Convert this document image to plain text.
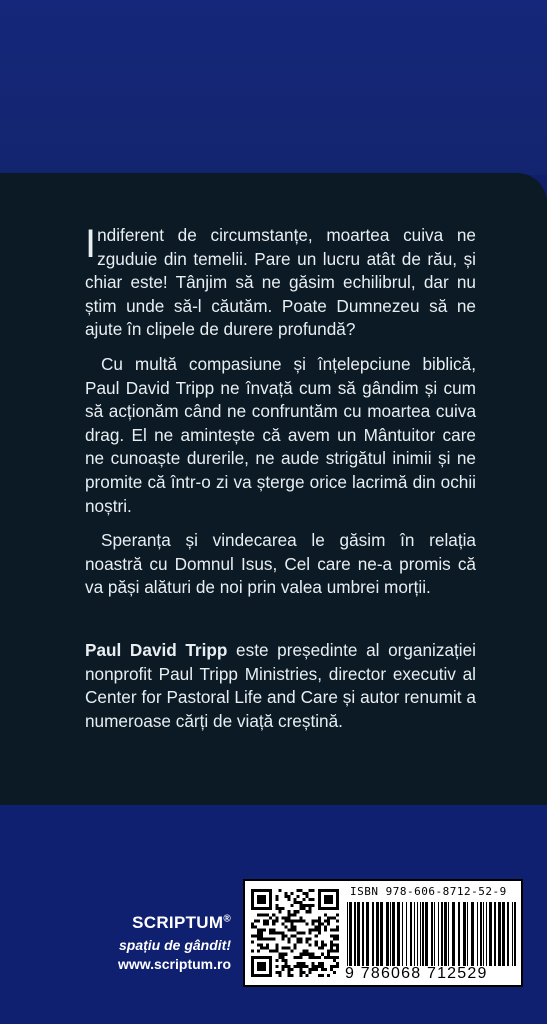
Indiferent de circumstanțe, moartea cuiva ne zguduie din temelii. Pare un lucru atât de rău, și chiar este! Tânjim să ne găsim echilibrul, dar nu știm unde să-l căutăm. Poate Dumnezeu să ne ajute în clipele de durere profundă?

Cu multă compasiune și înțelepciune biblică, Paul David Tripp ne învață cum să gândim și cum să acționăm când ne confruntăm cu moartea cuiva drag. El ne amintește că avem un Mântuitor care ne cunoaște durerile, ne aude strigătul inimii și ne promite că într-o zi va șterge orice lacrimă din ochii noștri.

Speranța și vindecarea le găsim în relația noastră cu Domnul Isus, Cel care ne-a promis că va păși alături de noi prin valea umbrei morții.

Paul David Tripp este președinte al organizației nonprofit Paul Tripp Ministries, director executiv al Center for Pastoral Life and Care și autor renumit a numeroase cărți de viață creștină.
SCRIPTUM®
spațiu de gândit!
www.scriptum.ro
ISBN 978-606-8712-52-9
9 786068 712529
